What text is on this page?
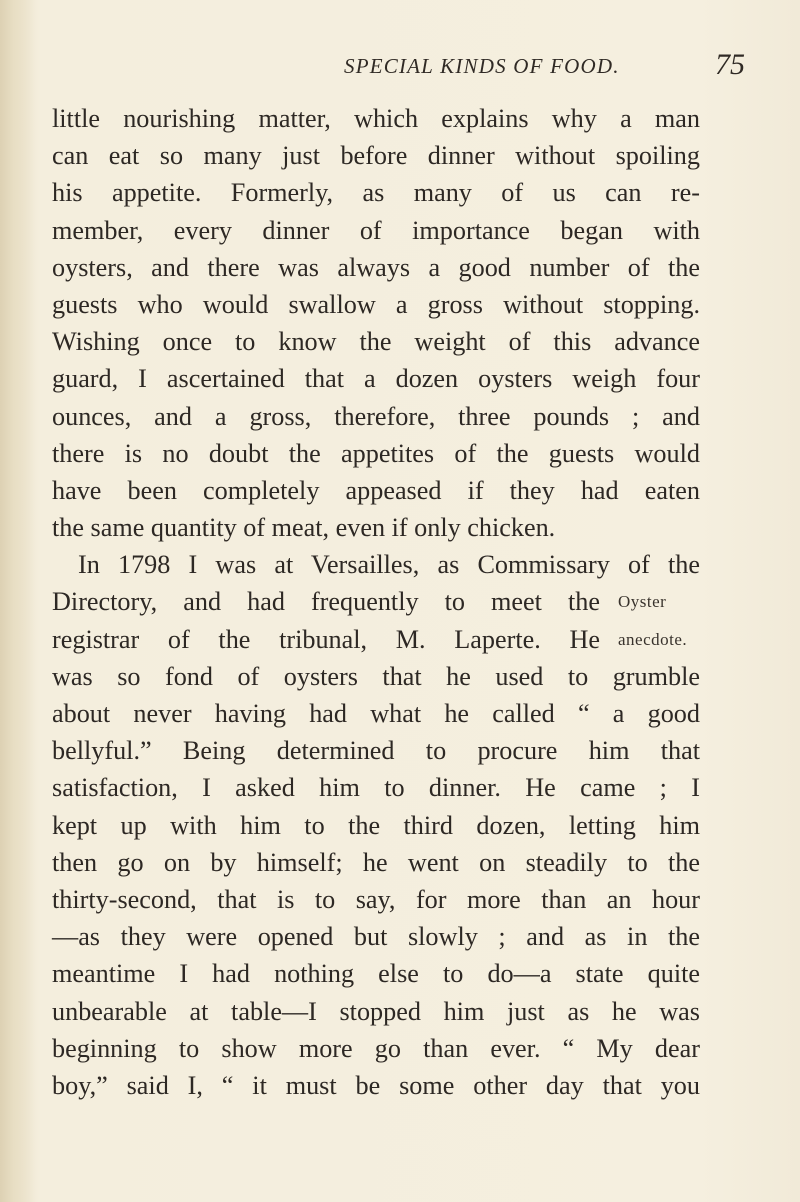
SPECIAL KINDS OF FOOD.	75
little nourishing matter, which explains why a man
can eat so many just before dinner without spoiling
his appetite. Formerly, as many of us can re-
member, every dinner of importance began with
oysters, and there was always a good number of the
guests who would swallow a gross without stopping.
Wishing once to know the weight of this advance
guard, I ascertained that a dozen oysters weigh four
ounces, and a gross, therefore, three pounds ; and
there is no doubt the appetites of the guests would
have been completely appeased if they had eaten
the same quantity of meat, even if only chicken.
In 1798 I was at Versailles, as Commissary of the
Directory, and had frequently to meet the Oyster
registrar of the tribunal, M. Laperte. He anecdote.
was so fond of oysters that he used to grumble
about never having had what he called “ a good
bellyful.” Being determined to procure him that
satisfaction, I asked him to dinner. He came ; I
kept up with him to the third dozen, letting him
then go on by himself; he went on steadily to the
thirty-second, that is to say, for more than an hour
—as they were opened but slowly ; and as in the
meantime I had nothing else to do—a state quite
unbearable at table—I stopped him just as he was
beginning to show more go than ever. “ My dear
boy,” said I, “ it must be some other day that you
